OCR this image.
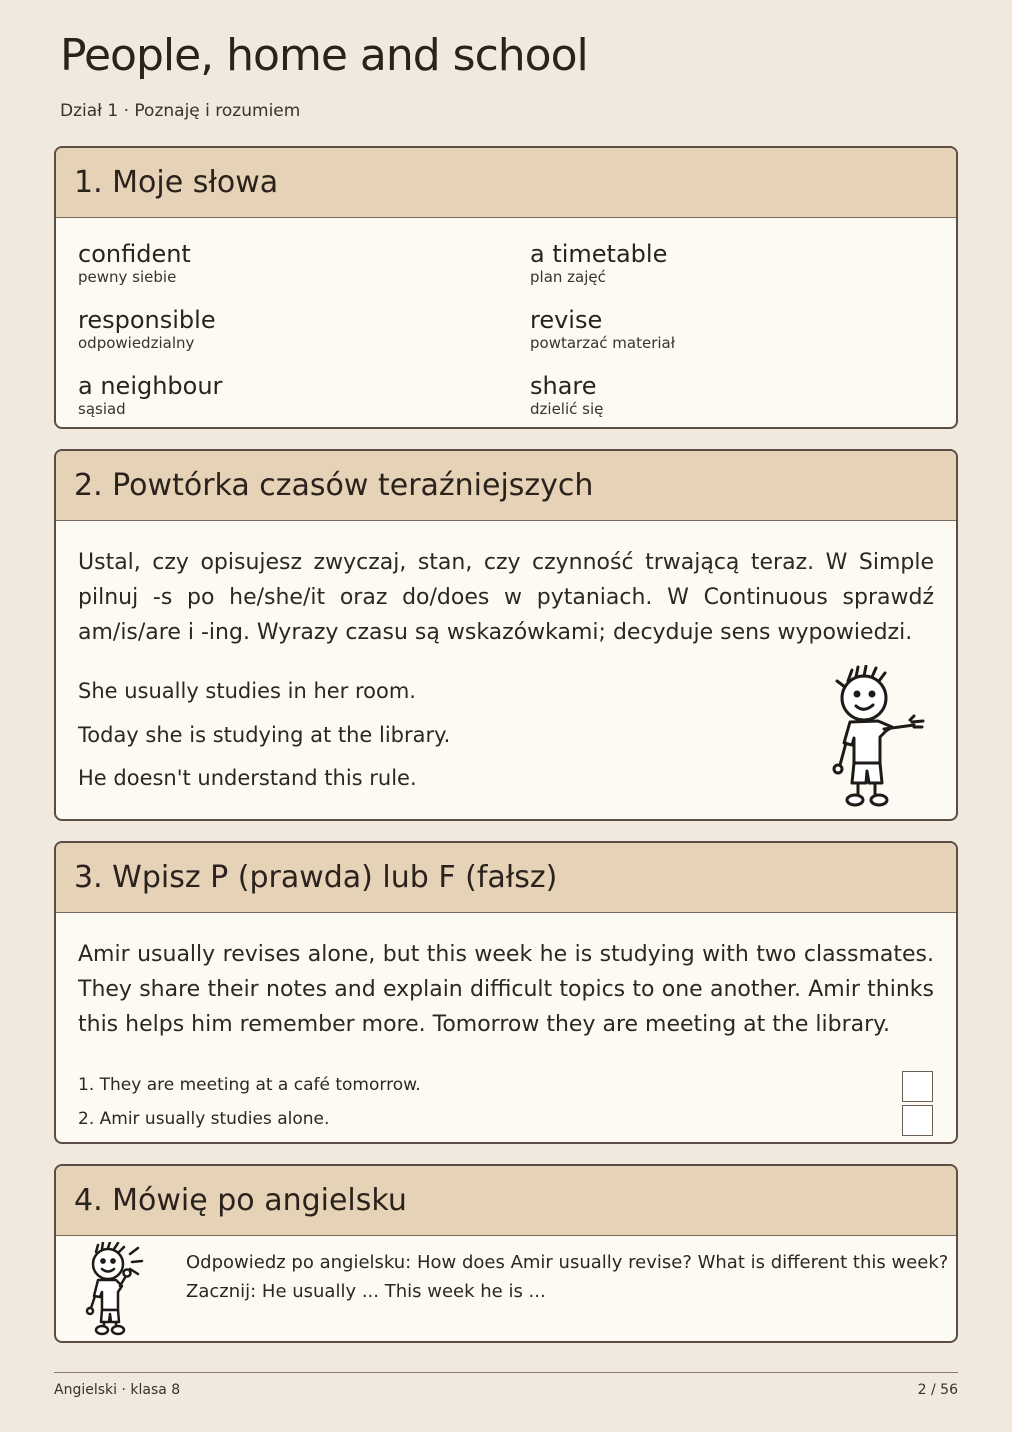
People, home and school
Dział 1 · Poznaję i rozumiem
1. Moje słowa
confident
pewny siebie
a timetable
plan zajęć
responsible
odpowiedzialny
revise
powtarzać materiał
a neighbour
sąsiad
share
dzielić się
2. Powtórka czasów teraźniejszych
Ustal, czy opisujesz zwyczaj, stan, czy czynność trwającą teraz. W Simple pilnuj -s po he/she/it oraz do/does w pytaniach. W Continuous sprawdź am/is/are i -ing. Wyrazy czasu są wskazówkami; decyduje sens wypowiedzi.
She usually studies in her room.
Today she is studying at the library.
He doesn't understand this rule.
3. Wpisz P (prawda) lub F (fałsz)
Amir usually revises alone, but this week he is studying with two classmates. They share their notes and explain difficult topics to one another. Amir thinks this helps him remember more. Tomorrow they are meeting at the library.
1. They are meeting at a café tomorrow.
2. Amir usually studies alone.
4. Mówię po angielsku
Odpowiedz po angielsku: How does Amir usually revise? What is different this week?
Zacznij: He usually ... This week he is ...
Angielski · klasa 8	2 / 56
